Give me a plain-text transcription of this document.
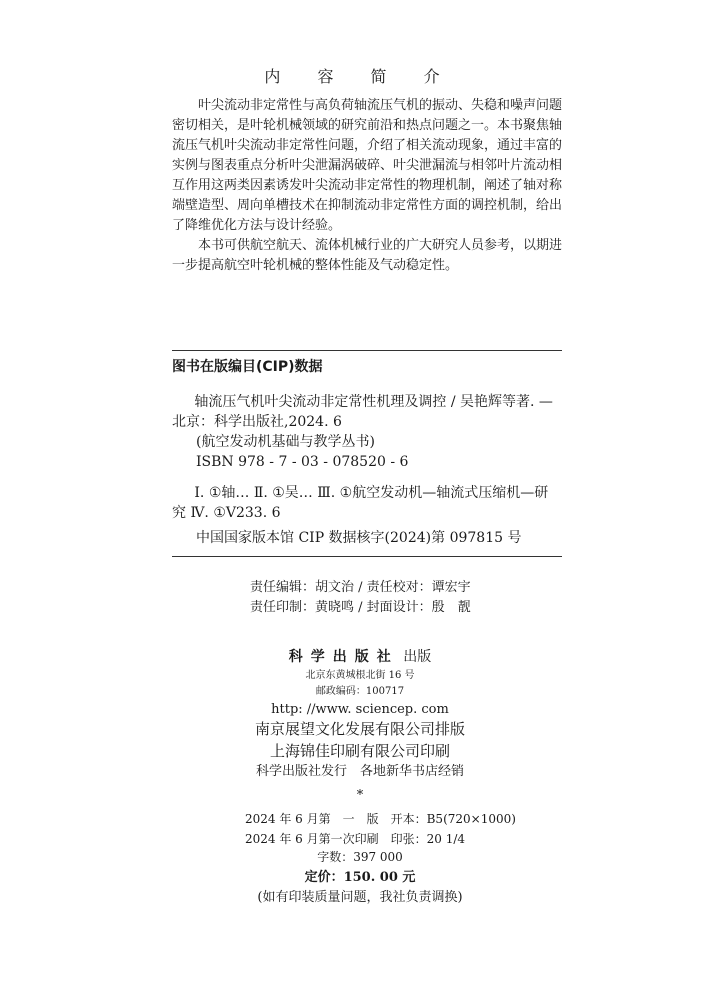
内 容 简 介

叶尖流动非定常性与高负荷轴流压气机的振动、失稳和噪声问题密切相关，是叶轮机械领域的研究前沿和热点问题之一。本书聚焦轴流压气机叶尖流动非定常性问题，介绍了相关流动现象，通过丰富的实例与图表重点分析叶尖泄漏涡破碎、叶尖泄漏流与相邻叶片流动相互作用这两类因素诱发叶尖流动非定常性的物理机制，阐述了轴对称端壁造型、周向单槽技术在抑制流动非定常性方面的调控机制，给出了降维优化方法与设计经验。

本书可供航空航天、流体机械行业的广大研究人员参考，以期进一步提高航空叶轮机械的整体性能及气动稳定性。

图书在版编目(CIP)数据
轴流压气机叶尖流动非定常性机理及调控 / 吴艳辉等著. —北京：科学出版社,2024. 6
(航空发动机基础与教学丛书)
ISBN 978 - 7 - 03 - 078520 - 6
Ⅰ. ①轴… Ⅱ. ①吴… Ⅲ. ①航空发动机—轴流式压缩机—研究 Ⅳ. ①V233. 6
中国国家版本馆 CIP 数据核字(2024)第 097815 号
责任编辑：胡文治 / 责任校对：谭宏宇
责任印制：黄晓鸣 / 封面设计：殷　靓
科学出版社 出版
北京东黄城根北街 16 号
邮政编码：100717
http: //www. sciencep. com
南京展望文化发展有限公司排版
上海锦佳印刷有限公司印刷
科学出版社发行　各地新华书店经销
*
2024 年 6 月第　一　版　开本：B5(720×1000)
2024 年 6 月第一次印刷　印张：20 1/4
字数：397 000
定价：150. 00 元
(如有印装质量问题，我社负责调换)
